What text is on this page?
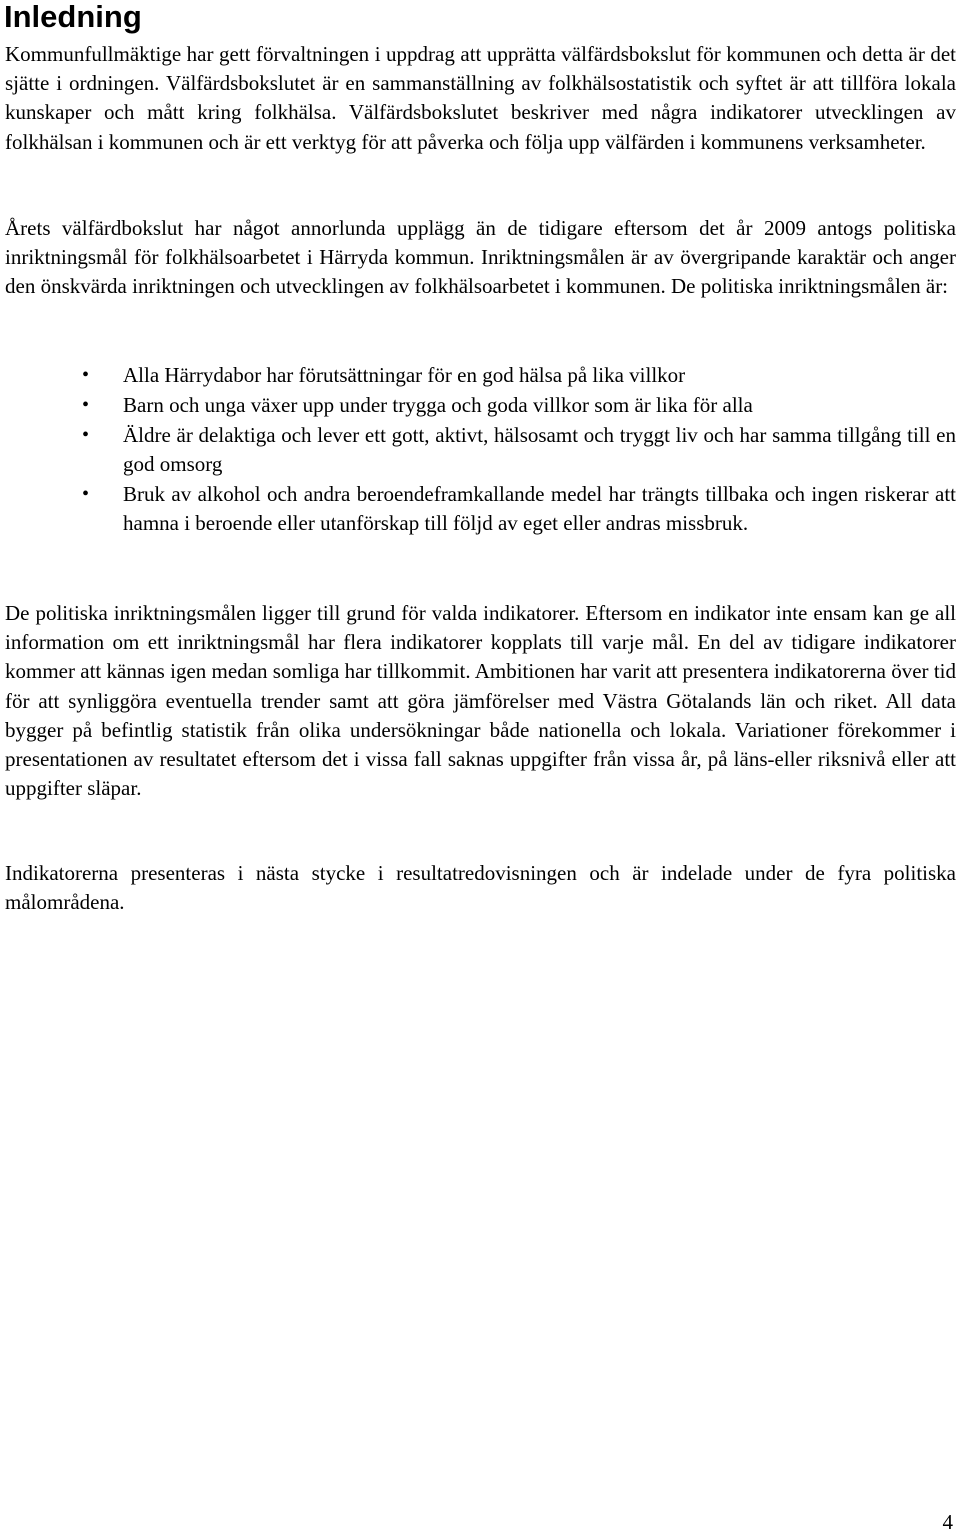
Inledning

Kommunfullmäktige har gett förvaltningen i uppdrag att upprätta välfärdsbokslut för kommunen och detta är det sjätte i ordningen. Välfärdsbokslutet är en sammanställning av folkhälsostatistik och syftet är att tillföra lokala kunskaper och mått kring folkhälsa. Välfärdsbokslutet beskriver med några indikatorer utvecklingen av folkhälsan i kommunen och är ett verktyg för att påverka och följa upp välfärden i kommunens verksamheter.

Årets välfärdbokslut har något annorlunda upplägg än de tidigare eftersom det år 2009 antogs politiska inriktningsmål för folkhälsoarbetet i Härryda kommun. Inriktningsmålen är av övergripande karaktär och anger den önskvärda inriktningen och utvecklingen av folkhälsoarbetet i kommunen. De politiska inriktningsmålen är:

• Alla Härrydabor har förutsättningar för en god hälsa på lika villkor
• Barn och unga växer upp under trygga och goda villkor som är lika för alla
• Äldre är delaktiga och lever ett gott, aktivt, hälsosamt och tryggt liv och har samma tillgång till en god omsorg
• Bruk av alkohol och andra beroendeframkallande medel har trängts tillbaka och ingen riskerar att hamna i beroende eller utanförskap till följd av eget eller andras missbruk.

De politiska inriktningsmålen ligger till grund för valda indikatorer. Eftersom en indikator inte ensam kan ge all information om ett inriktningsmål har flera indikatorer kopplats till varje mål. En del av tidigare indikatorer kommer att kännas igen medan somliga har tillkommit. Ambitionen har varit att presentera indikatorerna över tid för att synliggöra eventuella trender samt att göra jämförelser med Västra Götalands län och riket. All data bygger på befintlig statistik från olika undersökningar både nationella och lokala. Variationer förekommer i presentationen av resultatet eftersom det i vissa fall saknas uppgifter från vissa år, på läns-eller riksnivå eller att uppgifter släpar.

Indikatorerna presenteras i nästa stycke i resultatredovisningen och är indelade under de fyra politiska målområdena.

4
